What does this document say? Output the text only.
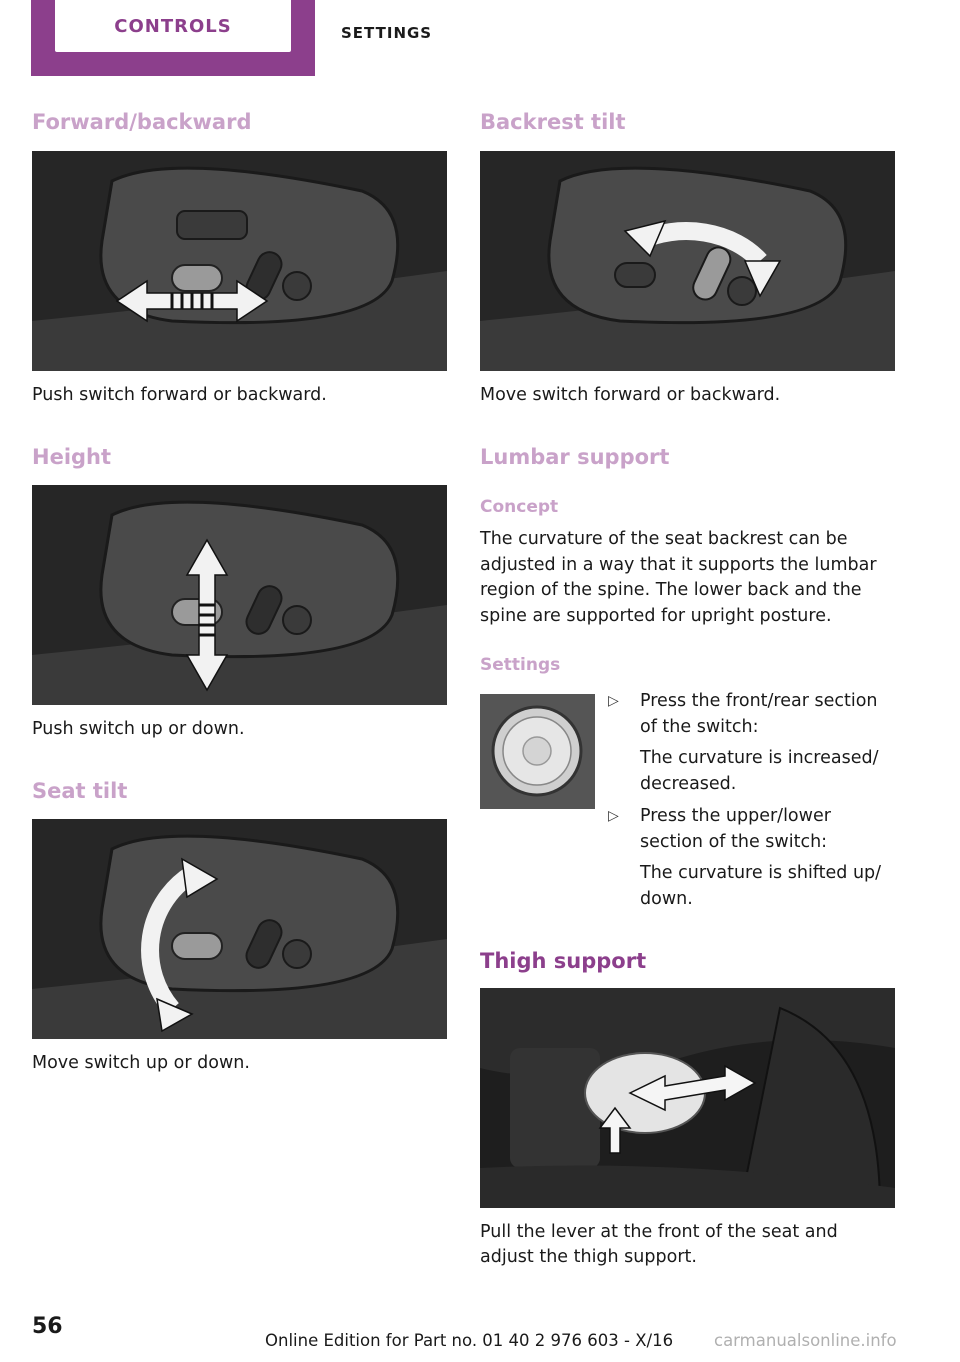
CONTROLS	SETTINGS
Forward/backward

Push switch forward or backward.

Height

Push switch up or down.

Seat tilt

Move switch up or down.

Backrest tilt

Move switch forward or backward.

Lumbar support
Concept

The curvature of the seat backrest can be adjusted in a way that it supports the lumbar region of the spine. The lower back and the spine are supported for upright posture.

Settings
▷ Press the front/rear section of the switch:

The curvature is increased/ decreased.

▷ Press the upper/lower section of the switch:

The curvature is shifted up/ down.

Thigh support

Pull the lever at the front of the seat and adjust the thigh support.

56
Online Edition for Part no. 01 40 2 976 603 - X/16 carmanualsonline.info
